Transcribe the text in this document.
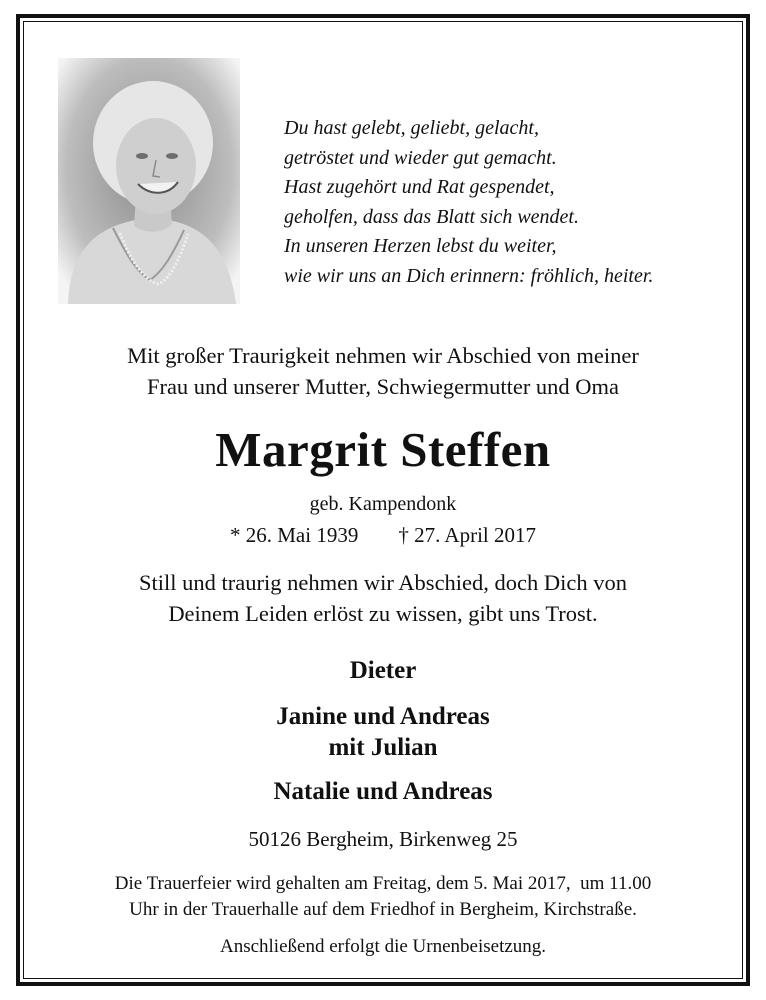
Du hast gelebt, geliebt, gelacht,
getröstet und wieder gut gemacht.
Hast zugehört und Rat gespendet,
geholfen, dass das Blatt sich wendet.
In unseren Herzen lebst du weiter,
wie wir uns an Dich erinnern: fröhlich, heiter.
Mit großer Traurigkeit nehmen wir Abschied von meiner
Frau und unserer Mutter, Schwiegermutter und Oma
Margrit Steffen
geb. Kampendonk
* 26. Mai 1939 † 27. April 2017
Still und traurig nehmen wir Abschied, doch Dich von
Deinem Leiden erlöst zu wissen, gibt uns Trost.
Dieter
Janine und Andreas
mit Julian
Natalie und Andreas
50126 Bergheim, Birkenweg 25
Die Trauerfeier wird gehalten am Freitag, dem 5. Mai 2017,  um 11.00
Uhr in der Trauerhalle auf dem Friedhof in Bergheim, Kirchstraße.
Anschließend erfolgt die Urnenbeisetzung.
